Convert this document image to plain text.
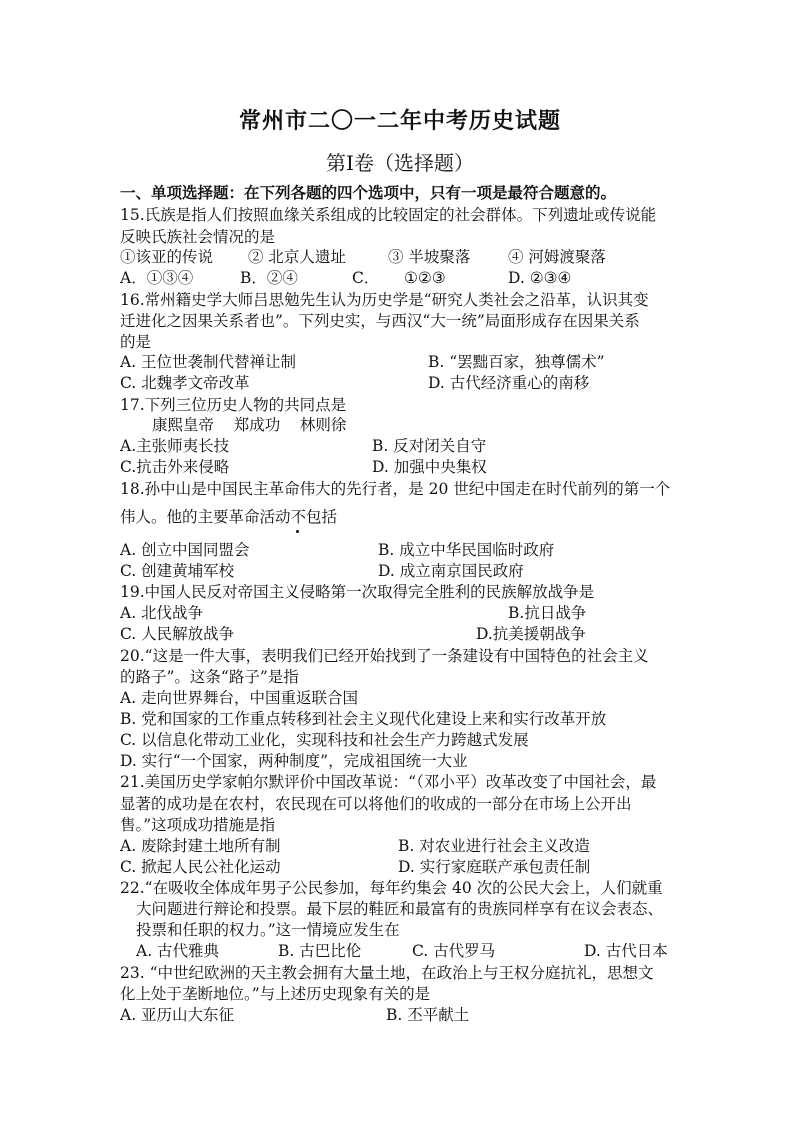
常州市二〇一二年中考历史试题
第Ⅰ卷（选择题）
一、单项选择题：在下列各题的四个选项中，只有一项是最符合题意的。
15.氏族是指人们按照血缘关系组成的比较固定的社会群体。下列遗址或传说能
反映氏族社会情况的是
①该亚的传说 ② 北京人遗址	③ 半坡聚落 ④ 河姆渡聚落
A．①③④	B．②④	C． ①②③	D. ②③④
16.常州籍史学大师吕思勉先生认为历史学是“研究人类社会之沿革，认识其变
迁进化之因果关系者也”。下列史实，与西汉“大一统”局面形成存在因果关系
的是
A. 王位世袭制代替禅让制	B. “罢黜百家，独尊儒术”
C. 北魏孝文帝改革	D. 古代经济重心的南移
17.下列三位历史人物的共同点是
康熙皇帝    郑成功    林则徐
A.主张师夷长技	B. 反对闭关自守
C.抗击外来侵略	D. 加强中央集权
18.孙中山是中国民主革命伟大的先行者，是 20 世纪中国走在时代前列的第一个
伟人。他的主要革命活动不包括
A. 创立中国同盟会	B. 成立中华民国临时政府
C. 创建黄埔军校	D. 成立南京国民政府
19.中国人民反对帝国主义侵略第一次取得完全胜利的民族解放战争是
A. 北伐战争	B.抗日战争
C. 人民解放战争	D.抗美援朝战争
20.“这是一件大事，表明我们已经开始找到了一条建设有中国特色的社会主义
的路子”。这条“路子”是指
A. 走向世界舞台，中国重返联合国
B. 党和国家的工作重点转移到社会主义现代化建设上来和实行改革开放
C. 以信息化带动工业化，实现科技和社会生产力跨越式发展
D. 实行“一个国家，两种制度”，完成祖国统一大业
21.美国历史学家帕尔默评价中国改革说：“（邓小平）改革改变了中国社会，最
显著的成功是在农村，农民现在可以将他们的收成的一部分在市场上公开出
售。”这项成功措施是指
A. 废除封建土地所有制	B. 对农业进行社会主义改造
C. 掀起人民公社化运动	D. 实行家庭联产承包责任制
22.“在吸收全体成年男子公民参加，每年约集会 40 次的公民大会上，人们就重
大问题进行辩论和投票。最下层的鞋匠和最富有的贵族同样享有在议会表态、
投票和任职的权力。”这一情境应发生在
A. 古代雅典	B. 古巴比伦	C. 古代罗马	D. 古代日本
23. “中世纪欧洲的天主教会拥有大量土地，在政治上与王权分庭抗礼，思想文
化上处于垄断地位。”与上述历史现象有关的是
A. 亚历山大东征	B. 丕平献土
